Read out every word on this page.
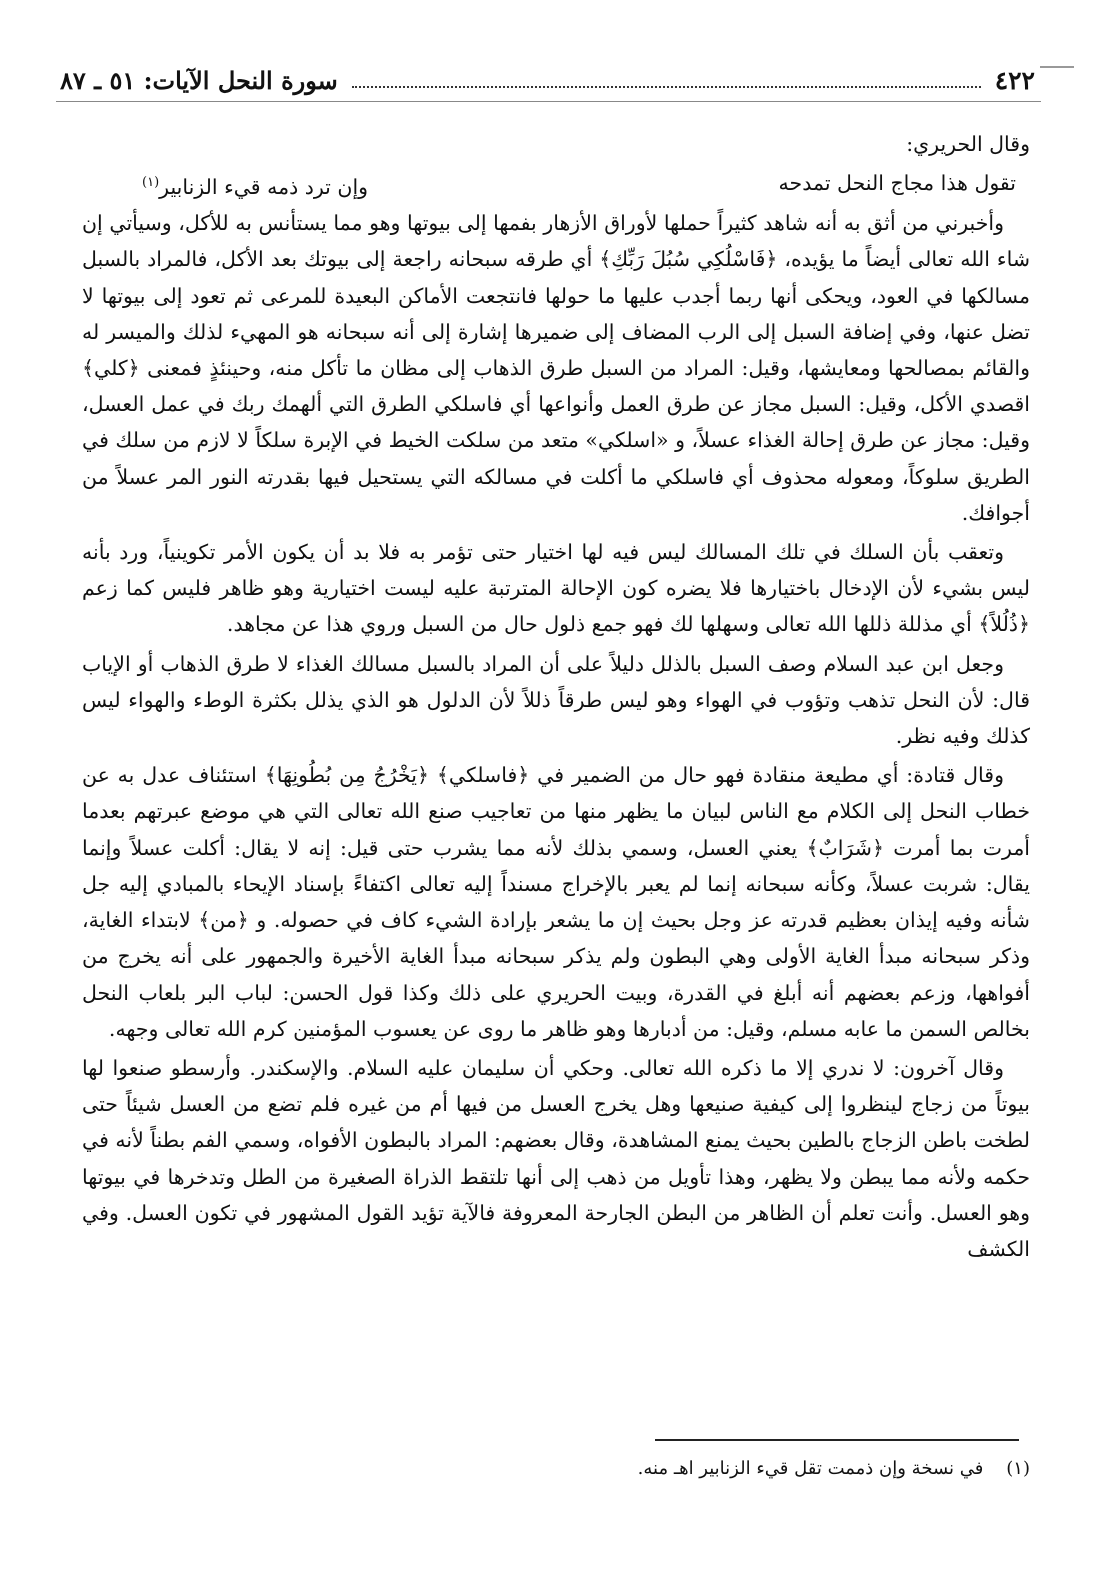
٤٢٢
سورة النحل الآيات: ٥١ ـ ٨٧

وقال الحريري:

تقول هذا مجاج النحل تمدحه
وإن ترد ذمه قيء الزنابير$^{(١)}$

وأخبرني من أثق به أنه شاهد كثيراً حملها لأوراق الأزهار بفمها إلى بيوتها وهو مما يستأنس به للأكل، وسيأتي إن شاء الله تعالى أيضاً ما يؤيده، ﴿فَاسْلُكِي سُبُلَ رَبِّكِ﴾ أي طرقه سبحانه راجعة إلى بيوتك بعد الأكل، فالمراد بالسبل مسالكها في العود، ويحكى أنها ربما أجدب عليها ما حولها فانتجعت الأماكن البعيدة للمرعى ثم تعود إلى بيوتها لا تضل عنها، وفي إضافة السبل إلى الرب المضاف إلى ضميرها إشارة إلى أنه سبحانه هو المهيء لذلك والميسر له والقائم بمصالحها ومعايشها، وقيل: المراد من السبل طرق الذهاب إلى مظان ما تأكل منه، وحينئذٍ فمعنى ﴿كلي﴾ اقصدي الأكل، وقيل: السبل مجاز عن طرق العمل وأنواعها أي فاسلكي الطرق التي ألهمك ربك في عمل العسل، وقيل: مجاز عن طرق إحالة الغذاء عسلاً، و «اسلكي» متعد من سلكت الخيط في الإبرة سلكاً لا لازم من سلك في الطريق سلوكاً، ومعوله محذوف أي فاسلكي ما أكلت في مسالكه التي يستحيل فيها بقدرته النور المر عسلاً من أجوافك.

وتعقب بأن السلك في تلك المسالك ليس فيه لها اختيار حتى تؤمر به فلا بد أن يكون الأمر تكوينياً، ورد بأنه ليس بشيء لأن الإدخال باختيارها فلا يضره كون الإحالة المترتبة عليه ليست اختيارية وهو ظاهر فليس كما زعم ﴿ذُلُلاً﴾ أي مذللة ذللها الله تعالى وسهلها لك فهو جمع ذلول حال من السبل وروي هذا عن مجاهد.

وجعل ابن عبد السلام وصف السبل بالذلل دليلاً على أن المراد بالسبل مسالك الغذاء لا طرق الذهاب أو الإياب قال: لأن النحل تذهب وتؤوب في الهواء وهو ليس طرقاً ذللاً لأن الدلول هو الذي يذلل بكثرة الوطء والهواء ليس كذلك وفيه نظر.

وقال قتادة: أي مطيعة منقادة فهو حال من الضمير في ﴿فاسلكي﴾ ﴿يَخْرُجُ مِن بُطُونِهَا﴾ استئناف عدل به عن خطاب النحل إلى الكلام مع الناس لبيان ما يظهر منها من تعاجيب صنع الله تعالى التي هي موضع عبرتهم بعدما أمرت بما أمرت ﴿شَرَابٌ﴾ يعني العسل، وسمي بذلك لأنه مما يشرب حتى قيل: إنه لا يقال: أكلت عسلاً وإنما يقال: شربت عسلاً، وكأنه سبحانه إنما لم يعبر بالإخراج مسنداً إليه تعالى اكتفاءً بإسناد الإيحاء بالمبادي إليه جل شأنه وفيه إيذان بعظيم قدرته عز وجل بحيث إن ما يشعر بإرادة الشيء كاف في حصوله. و ﴿من﴾ لابتداء الغاية، وذكر سبحانه مبدأ الغاية الأولى وهي البطون ولم يذكر سبحانه مبدأ الغاية الأخيرة والجمهور على أنه يخرج من أفواهها، وزعم بعضهم أنه أبلغ في القدرة، وبيت الحريري على ذلك وكذا قول الحسن: لباب البر بلعاب النحل بخالص السمن ما عابه مسلم، وقيل: من أدبارها وهو ظاهر ما روى عن يعسوب المؤمنين كرم الله تعالى وجهه.

وقال آخرون: لا ندري إلا ما ذكره الله تعالى. وحكي أن سليمان عليه السلام. والإسكندر. وأرسطو صنعوا لها بيوتاً من زجاج لينظروا إلى كيفية صنيعها وهل يخرج العسل من فيها أم من غيره فلم تضع من العسل شيئاً حتى لطخت باطن الزجاج بالطين بحيث يمنع المشاهدة، وقال بعضهم: المراد بالبطون الأفواه، وسمي الفم بطناً لأنه في حكمه ولأنه مما يبطن ولا يظهر، وهذا تأويل من ذهب إلى أنها تلتقط الذراة الصغيرة من الطل وتدخرها في بيوتها وهو العسل. وأنت تعلم أن الظاهر من البطن الجارحة المعروفة فالآية تؤيد القول المشهور في تكون العسل. وفي الكشف

(١)    في نسخة وإن ذممت تقل قيء الزنابير اهـ منه.
